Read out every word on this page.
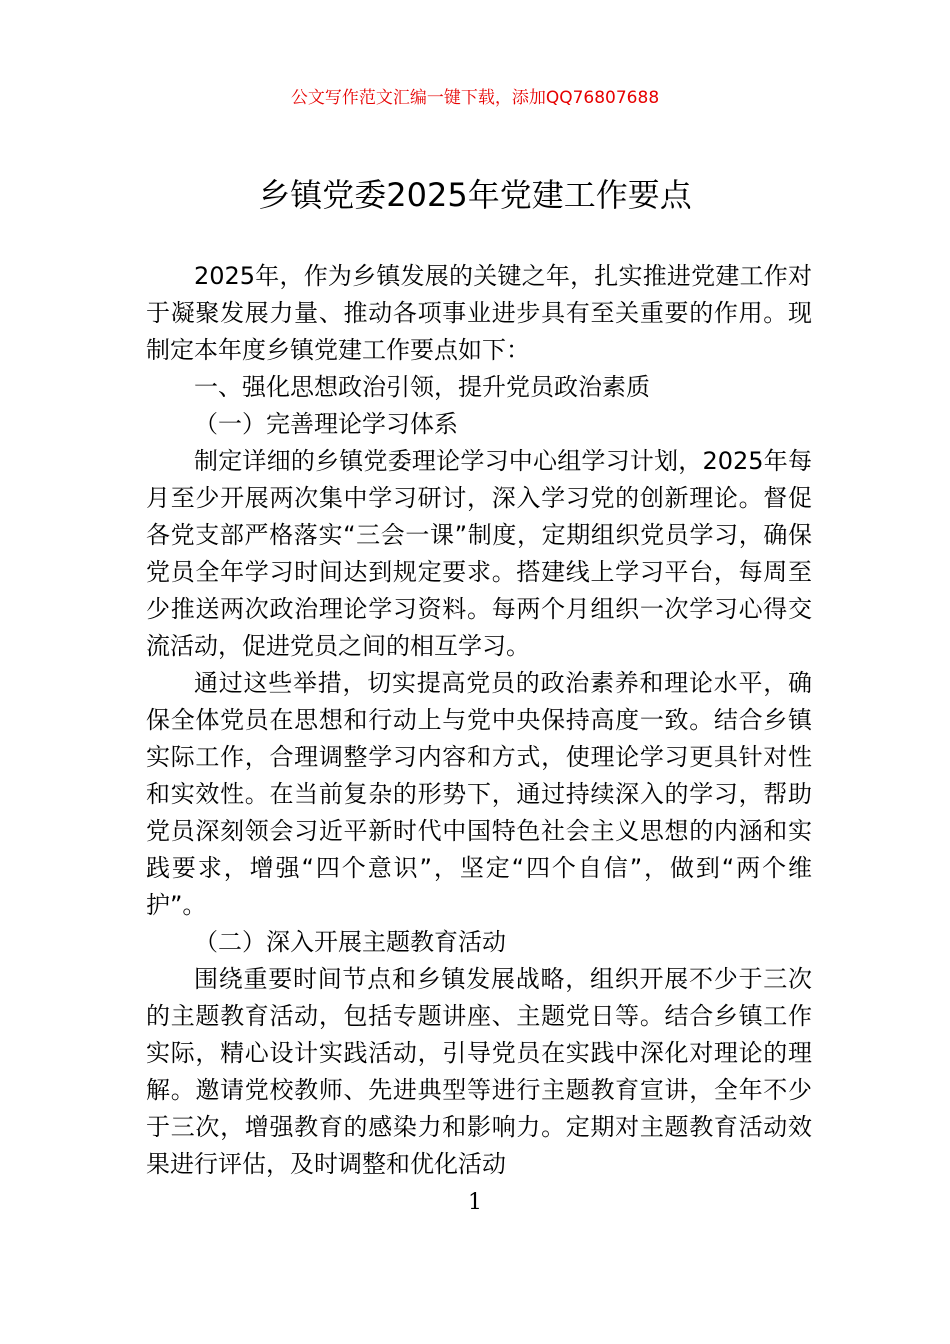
公文写作范文汇编一键下载，添加QQ76807688
乡镇党委2025年党建工作要点

2025年，作为乡镇发展的关键之年，扎实推进党建工作对于凝聚发展力量、推动各项事业进步具有至关重要的作用。现制定本年度乡镇党建工作要点如下：

一、强化思想政治引领，提升党员政治素质

（一）完善理论学习体系

制定详细的乡镇党委理论学习中心组学习计划，2025年每月至少开展两次集中学习研讨，深入学习党的创新理论。督促各党支部严格落实“三会一课”制度，定期组织党员学习，确保党员全年学习时间达到规定要求。搭建线上学习平台，每周至少推送两次政治理论学习资料。每两个月组织一次学习心得交流活动，促进党员之间的相互学习。

通过这些举措，切实提高党员的政治素养和理论水平，确保全体党员在思想和行动上与党中央保持高度一致。结合乡镇实际工作，合理调整学习内容和方式，使理论学习更具针对性和实效性。在当前复杂的形势下，通过持续深入的学习，帮助党员深刻领会习近平新时代中国特色社会主义思想的内涵和实践要求，增强“四个意识”，坚定“四个自信”，做到“两个维护”。

（二）深入开展主题教育活动

围绕重要时间节点和乡镇发展战略，组织开展不少于三次的主题教育活动，包括专题讲座、主题党日等。结合乡镇工作实际，精心设计实践活动，引导党员在实践中深化对理论的理解。邀请党校教师、先进典型等进行主题教育宣讲，全年不少于三次，增强教育的感染力和影响力。定期对主题教育活动效果进行评估，及时调整和优化活动

1
